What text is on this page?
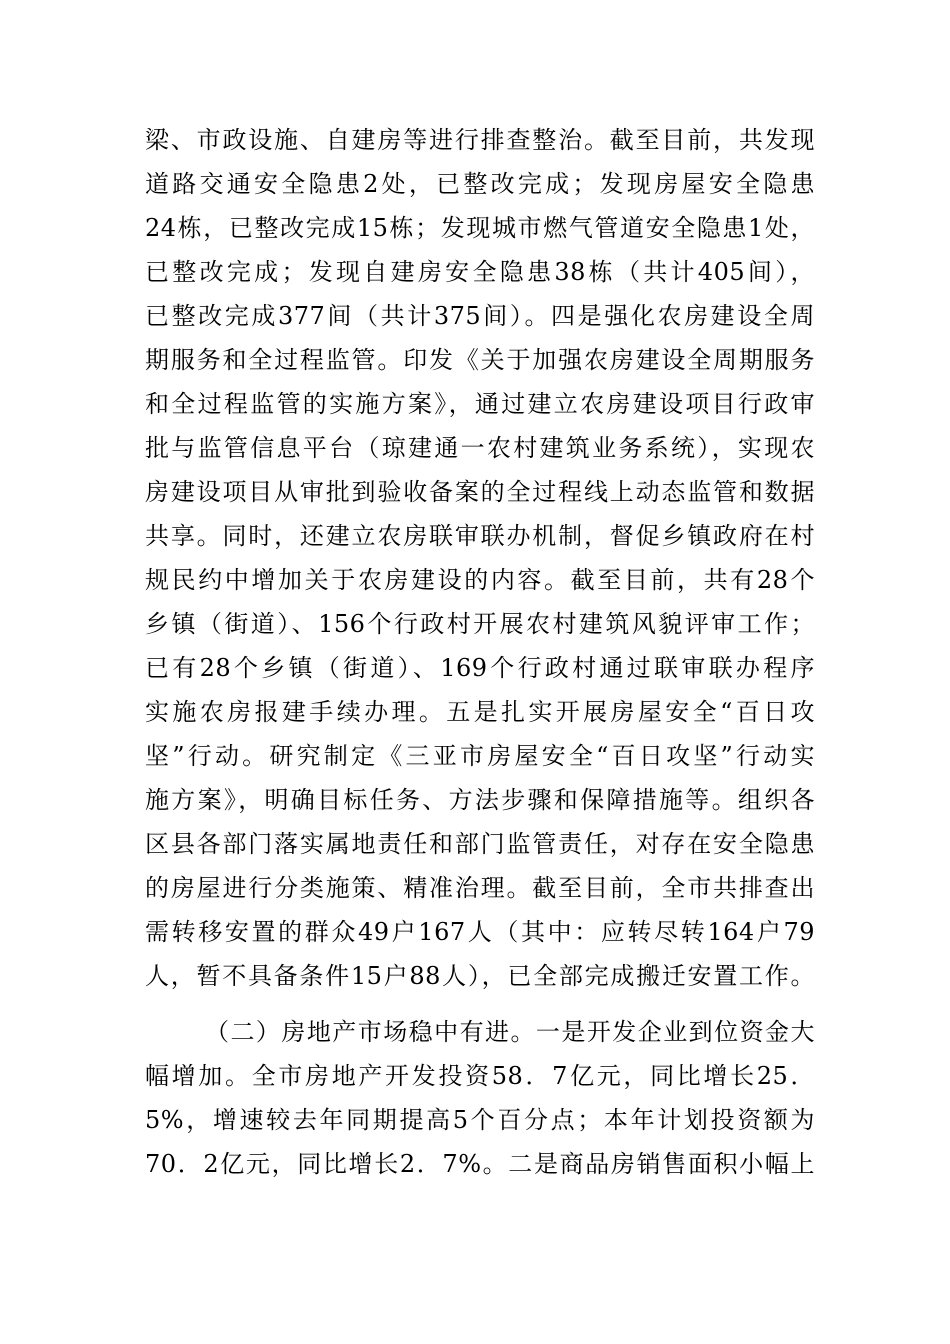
梁、市政设施、自建房等进行排查整治。截至目前，共发现
道路交通安全隐患2处，已整改完成；发现房屋安全隐患
24栋，已整改完成15栋；发现城市燃气管道安全隐患1处，
已整改完成；发现自建房安全隐患38栋（共计405间），
已整改完成377间（共计375间）。四是强化农房建设全周
期服务和全过程监管。印发《关于加强农房建设全周期服务
和全过程监管的实施方案》，通过建立农房建设项目行政审
批与监管信息平台（琼建通一农村建筑业务系统），实现农
房建设项目从审批到验收备案的全过程线上动态监管和数据
共享。同时，还建立农房联审联办机制，督促乡镇政府在村
规民约中增加关于农房建设的内容。截至目前，共有28个
乡镇（街道）、156个行政村开展农村建筑风貌评审工作；
已有28个乡镇（街道）、169个行政村通过联审联办程序
实施农房报建手续办理。五是扎实开展房屋安全“百日攻
坚”行动。研究制定《三亚市房屋安全“百日攻坚”行动实
施方案》，明确目标任务、方法步骤和保障措施等。组织各
区县各部门落实属地责任和部门监管责任，对存在安全隐患
的房屋进行分类施策、精准治理。截至目前，全市共排查出
需转移安置的群众49户167人（其中：应转尽转164户79
人，暂不具备条件15户88人），已全部完成搬迁安置工作。
（二）房地产市场稳中有进。一是开发企业到位资金大
幅增加。全市房地产开发投资58．7亿元，同比增长25．
5%，增速较去年同期提高5个百分点；本年计划投资额为
70．2亿元，同比增长2．7%。二是商品房销售面积小幅上
